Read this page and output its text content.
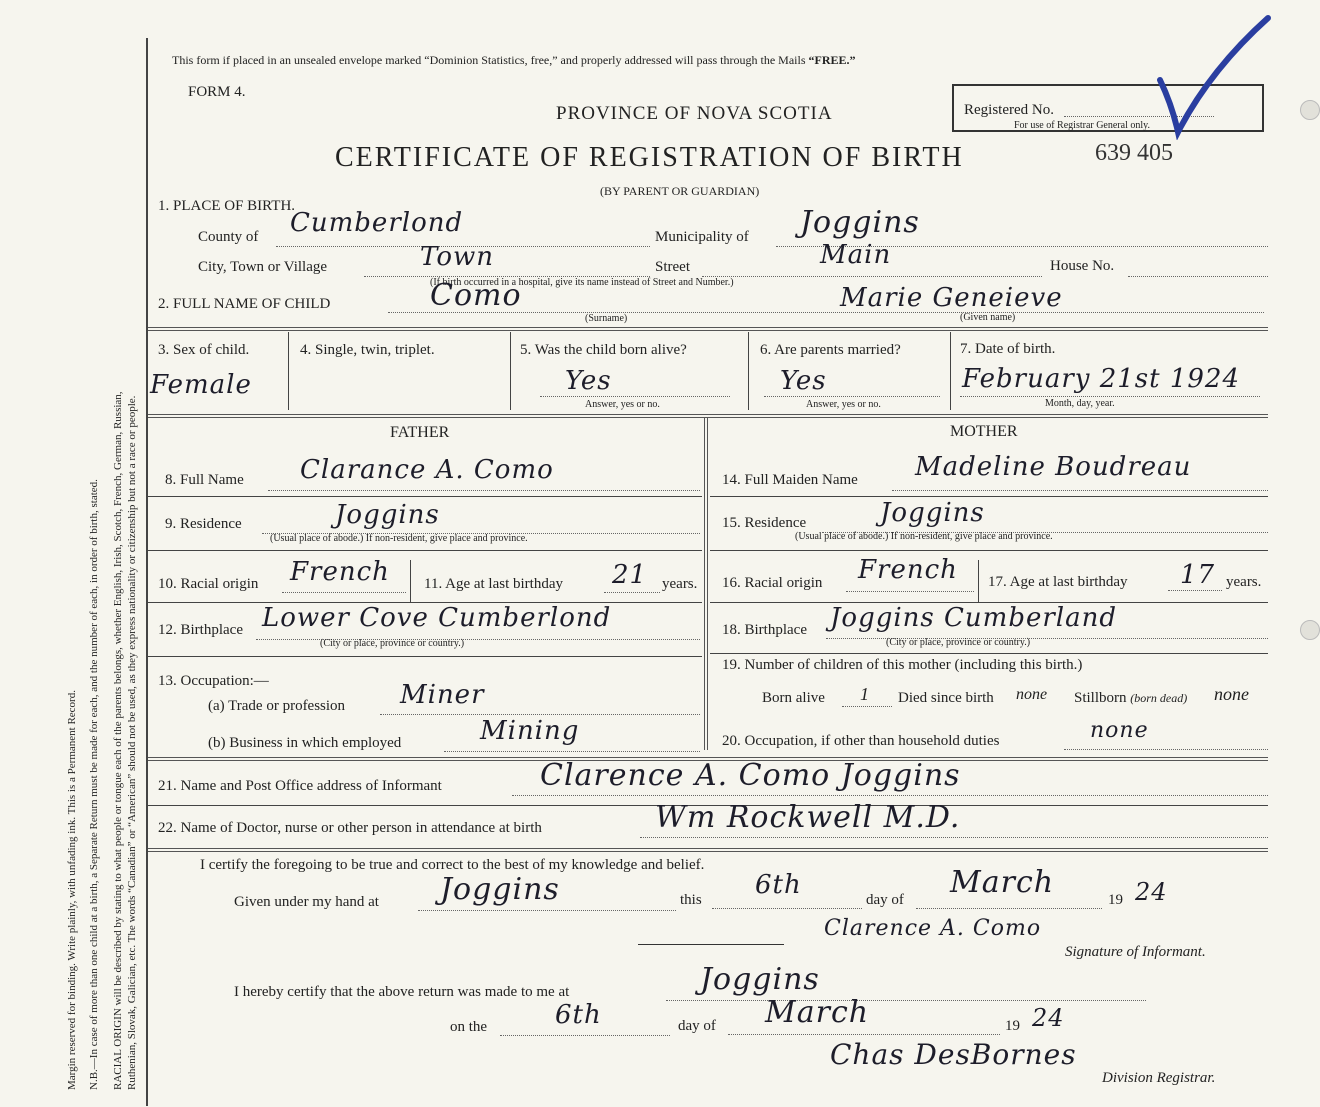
Margin reserved for binding. Write plainly, with unfading ink. This is a Permanent Record. N.B.—In case of more than one child at a birth, a Separate Return must be made for each, and the number of each, in order of birth, stated. RACIAL ORIGIN will be described by stating to what people or tongue each of the parents belongs, whether English, Irish, Scotch, French, German, Russian, Ruthenian, Slovak, Galician, etc. The words “Canadian” or “American” should not be used, as they express nationality or citizenship but not a race or people.
This form if placed in an unsealed envelope marked “Dominion Statistics, free,” and properly addressed will pass through the Mails “FREE.”
FORM 4.
PROVINCE OF NOVA SCOTIA	Registered No.
For use of Registrar General only.
CERTIFICATE OF REGISTRATION OF BIRTH	639 405
(BY PARENT OR GUARDIAN)
1. PLACE OF BIRTH.
County of Cumberlond	Municipality of Joggins
City, Town or Village	Town	Street	Main	House No.
(If birth occurred in a hospital, give its name instead of Street and Number.)
2. FULL NAME OF CHILD	Como	Marie Geneieve
(Surname)	(Given name)
3. Sex of child.
Female
4. Single, twin, triplet.	5. Was the child born alive?
Yes
Answer, yes or no.
6. Are parents married?
Yes
Answer, yes or no.
7. Date of birth.
February 21st 1924
Month, day, year.
FATHER
8. Full Name Clarance A. Como
9. Residence	Joggins
(Usual place of abode.) If non-resident, give place and province.
10. Racial origin French 11. Age at last birthday 21 years.
12. Birthplace Lower Cove Cumberlond
(City or place, province or country.)
13. Occupation:—
(a) Trade or profession Miner
(b) Business in which employed	Mining
MOTHER
14. Full Maiden Name Madeline Boudreau
15. Residence	Joggins
(Usual place of abode.) If non-resident, give place and province.
16. Racial origin French 17. Age at last birthday 17 years.
18. Birthplace Joggins Cumberland
(City or place, province or country.)
19. Number of children of this mother (including this birth.)
Born alive 1 Died since birth none Stillborn (born dead) none
20. Occupation, if other than household duties	none
21. Name and Post Office address of Informant	Clarence A. Como Joggins
22. Name of Doctor, nurse or other person in attendance at birth	Wm Rockwell M.D.
I certify the foregoing to be true and correct to the best of my knowledge and belief.
Given under my hand at Joggins	this 6th	day of March	19 24
Clarence A. Como
Signature of Informant.
I hereby certify that the above return was made to me at	Joggins
on the	6th	day of March	19 24
Chas DesBornes
Division Registrar.
